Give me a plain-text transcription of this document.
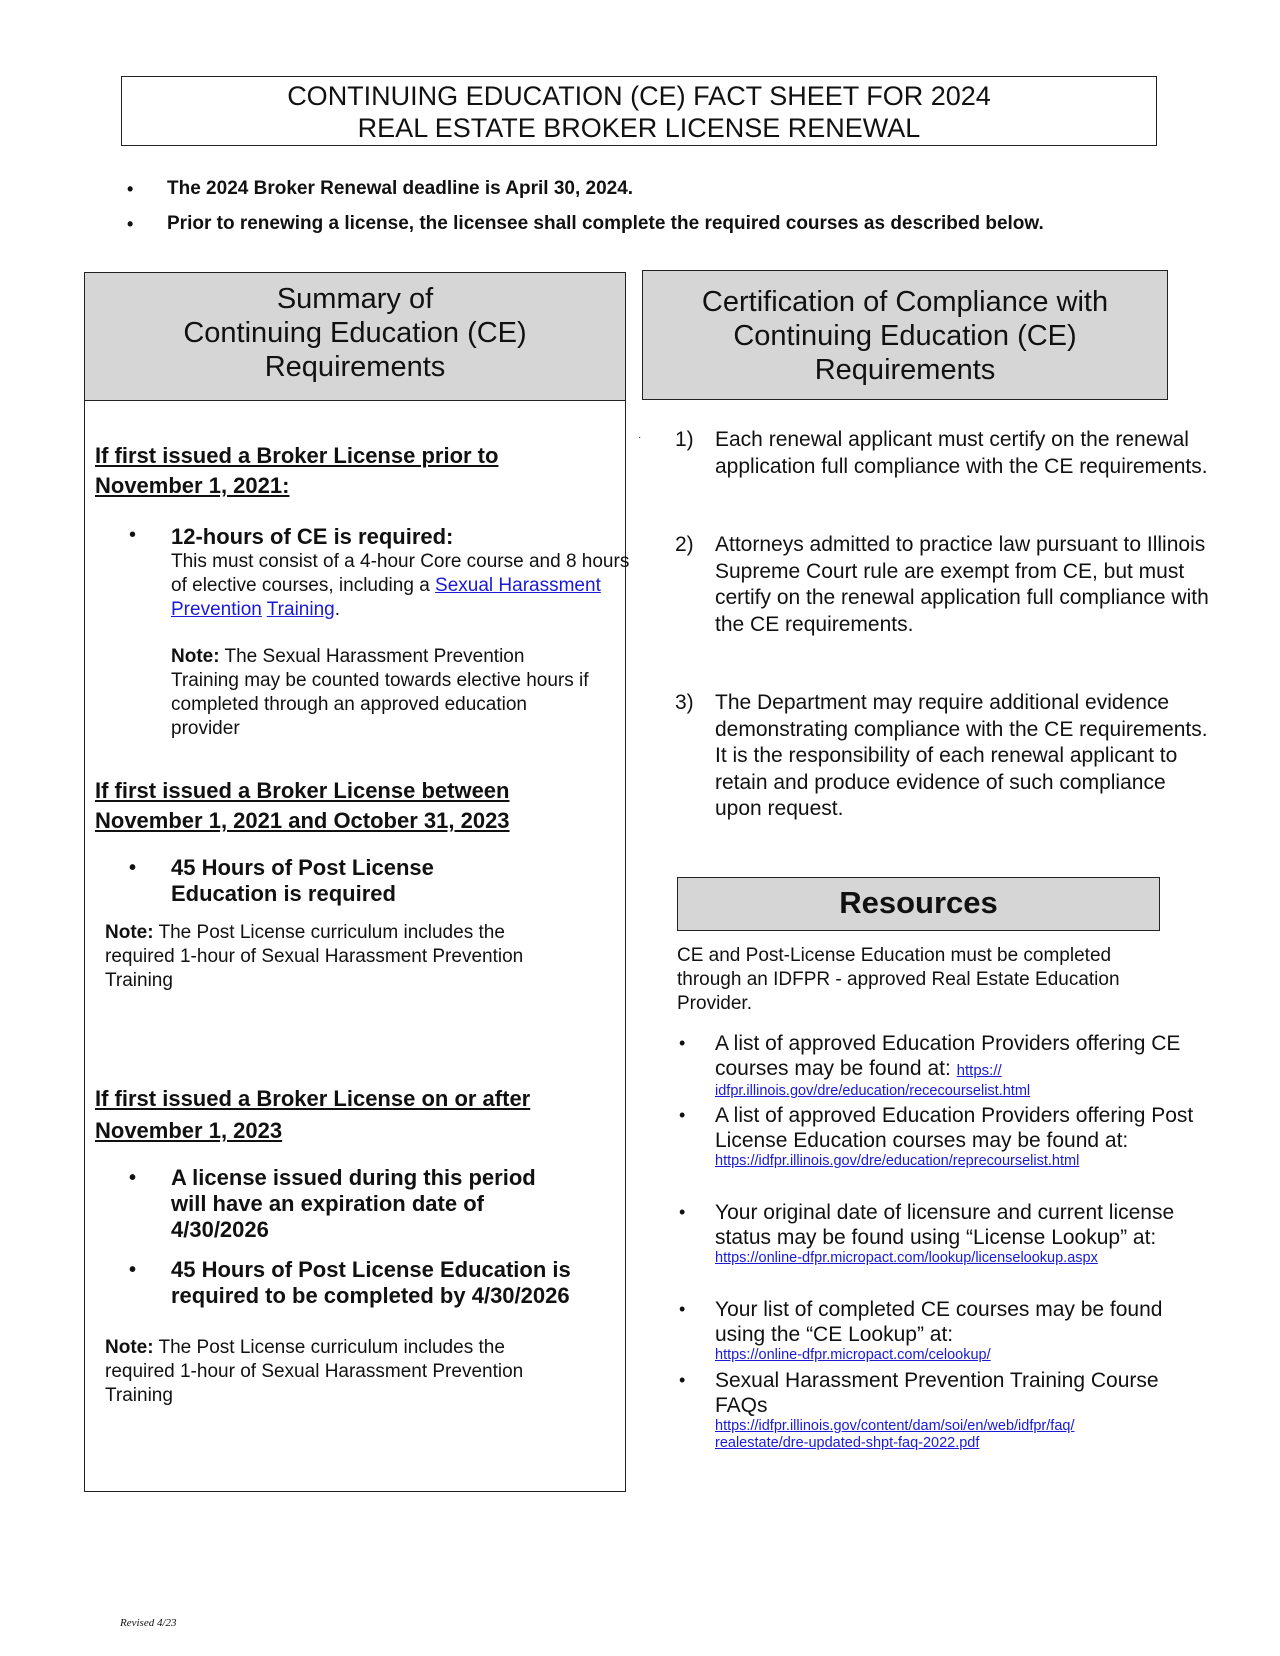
CONTINUING EDUCATION (CE) FACT SHEET FOR 2024
REAL ESTATE BROKER LICENSE RENEWAL
• The 2024 Broker Renewal deadline is April 30, 2024.
• Prior to renewing a license, the licensee shall complete the required courses as described below.
Summary of
Continuing Education (CE)
Requirements
If first issued a Broker License prior to
November 1, 2021:
• 12-hours of CE is required:
This must consist of a 4-hour Core course and 8 hours of elective courses, including a Sexual Harassment Prevention Training.
Note: The Sexual Harassment Prevention Training may be counted towards elective hours if completed through an approved education provider
If first issued a Broker License between
November 1, 2021 and October 31, 2023
• 45 Hours of Post License Education is required
Note: The Post License curriculum includes the required 1-hour of Sexual Harassment Prevention Training
If first issued a Broker License on or after
November 1, 2023
• A license issued during this period will have an expiration date of 4/30/2026
• 45 Hours of Post License Education is required to be completed by 4/30/2026
Note: The Post License curriculum includes the required 1-hour of Sexual Harassment Prevention Training
Certification of Compliance with
Continuing Education (CE)
Requirements
· 1) Each renewal applicant must certify on the renewal application full compliance with the CE requirements.
2) Attorneys admitted to practice law pursuant to Illinois Supreme Court rule are exempt from CE, but must certify on the renewal application full compliance with the CE requirements.
3) The Department may require additional evidence demonstrating compliance with the CE requirements. It is the responsibility of each renewal applicant to retain and produce evidence of such compliance upon request.
Resources
CE and Post-License Education must be completed through an IDFPR - approved Real Estate Education Provider.
• A list of approved Education Providers offering CE courses may be found at: https://
idfpr.illinois.gov/dre/education/rececourselist.html
• A list of approved Education Providers offering Post License Education courses may be found at:
https://idfpr.illinois.gov/dre/education/reprecourselist.html
• Your original date of licensure and current license status may be found using “License Lookup” at:
https://online-dfpr.micropact.com/lookup/licenselookup.aspx
• Your list of completed CE courses may be found using the “CE Lookup” at:
https://online-dfpr.micropact.com/celookup/
• Sexual Harassment Prevention Training Course FAQs
https://idfpr.illinois.gov/content/dam/soi/en/web/idfpr/faq/
realestate/dre-updated-shpt-faq-2022.pdf
Revised 4/23
